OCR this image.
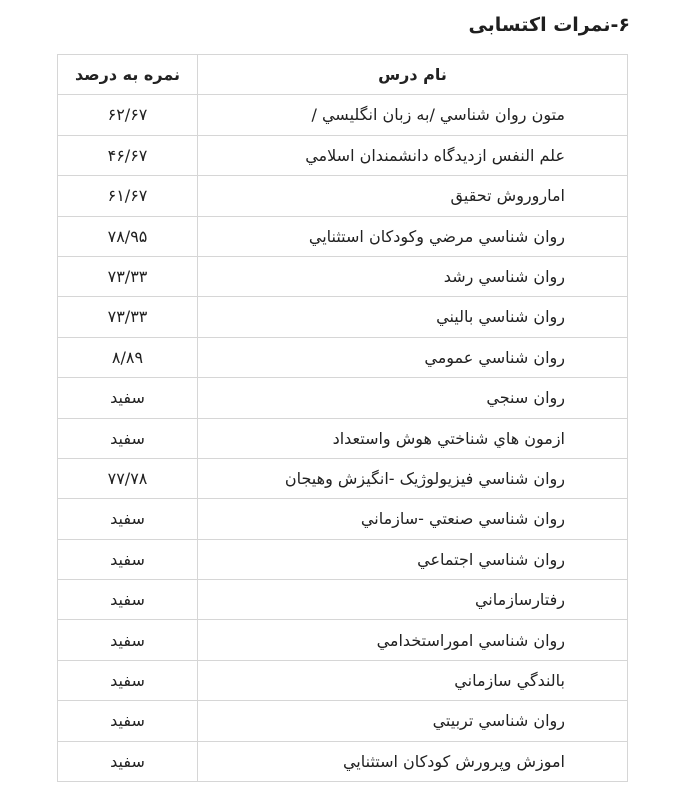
۶-نمرات اکتسابی
نام درس	نمره به درصد
متون روان شناسي /به زبان انگليسي /	۶۲/۶۷
علم النفس ازديدگاه دانشمندان اسلامي	۴۶/۶۷
اماروروش تحقيق	۶۱/۶۷
روان شناسي مرضي وکودکان استثنايي	۷۸/۹۵
روان شناسي رشد	۷۳/۳۳
روان شناسي باليني	۷۳/۳۳
روان شناسي عمومي	۸/۸۹
روان سنجي	سفيد
ازمون هاي شناختي هوش واستعداد	سفيد
روان شناسي فيزيولوژيک -انگيزش وهيجان	۷۷/۷۸
روان شناسي صنعتي -سازماني	سفيد
روان شناسي اجتماعي	سفيد
رفتارسازماني	سفيد
روان شناسي اموراستخدامي	سفيد
بالندگي سازماني	سفيد
روان شناسي تربيتي	سفيد
اموزش وپرورش کودکان استثنايي	سفيد
